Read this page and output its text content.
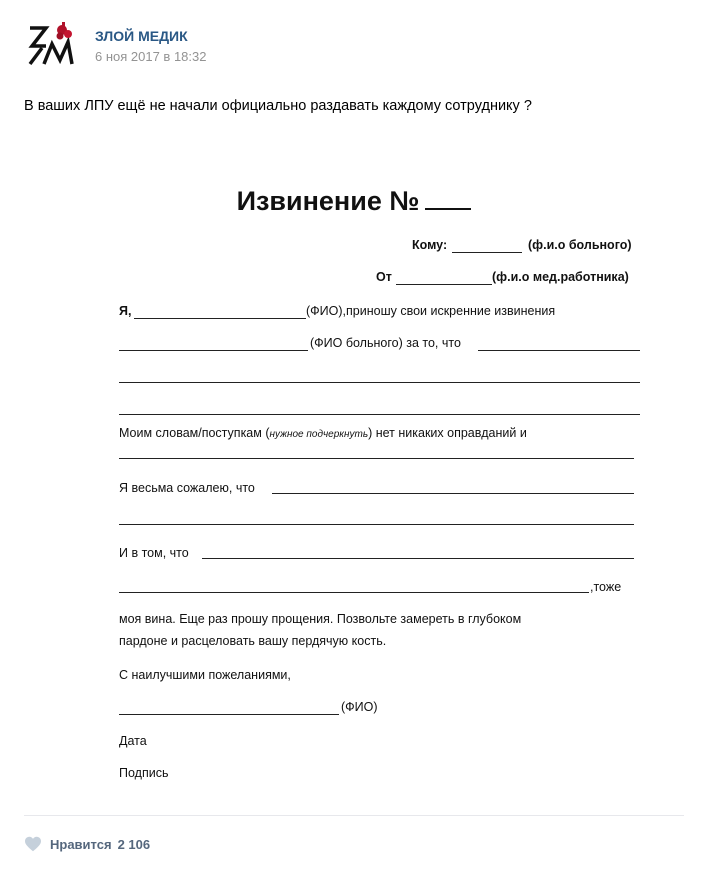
ЗЛОЙ МЕДИК
6 ноя 2017 в 18:32
В ваших ЛПУ ещё не начали официально раздавать каждому сотруднику ?
Извинение №
Кому:	(ф.и.о больного)
От	(ф.и.о мед.работника)
Я,	(ФИО),приношу свои искренние извинения
(ФИО больного) за то, что
Моим словам/поступкам (нужное подчеркнуть) нет никаких оправданий и
Я весьма сожалею, что
И в том, что
,тоже
моя вина. Еще раз прошу прощения. Позвольте замереть в глубоком
пардоне и расцеловать вашу пердячую кость.
С наилучшими пожеланиями,
(ФИО)
Дата
Подпись
Нравится 2 106
